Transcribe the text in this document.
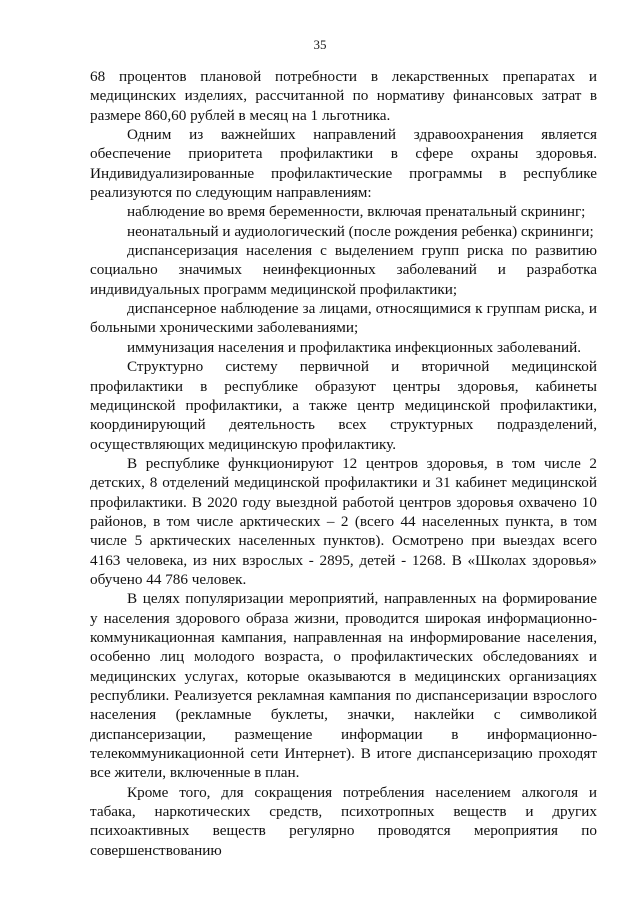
35

68 процентов плановой потребности в лекарственных препаратах и медицинских изделиях, рассчитанной по нормативу финансовых затрат в размере 860,60 рублей в месяц на 1 льготника.

Одним из важнейших направлений здравоохранения является обеспечение приоритета профилактики в сфере охраны здоровья. Индивидуализированные профилактические программы в республике реализуются по следующим направлениям:

наблюдение во время беременности, включая пренатальный скрининг;

неонатальный и аудиологический (после рождения ребенка) скрининги;

диспансеризация населения с выделением групп риска по развитию социально значимых неинфекционных заболеваний и разработка индивидуальных программ медицинской профилактики;

диспансерное наблюдение за лицами, относящимися к группам риска, и больными хроническими заболеваниями;

иммунизация населения и профилактика инфекционных заболеваний.

Структурно систему первичной и вторичной медицинской профилактики в республике образуют центры здоровья, кабинеты медицинской профилактики, а также центр медицинской профилактики, координирующий деятельность всех структурных подразделений, осуществляющих медицинскую профилактику.

В республике функционируют 12 центров здоровья, в том числе 2 детских, 8 отделений медицинской профилактики и 31 кабинет медицинской профилактики. В 2020 году выездной работой центров здоровья охвачено 10 районов, в том числе арктических – 2 (всего 44 населенных пункта, в том числе 5 арктических населенных пунктов). Осмотрено при выездах всего 4163 человека, из них взрослых - 2895, детей - 1268. В «Школах здоровья» обучено 44 786 человек.

В целях популяризации мероприятий, направленных на формирование у населения здорового образа жизни, проводится широкая информационно-коммуникационная кампания, направленная на информирование населения, особенно лиц молодого возраста, о профилактических обследованиях и медицинских услугах, которые оказываются в медицинских организациях республики. Реализуется рекламная кампания по диспансеризации взрослого населения (рекламные буклеты, значки, наклейки с символикой диспансеризации, размещение информации в информационно-телекоммуникационной сети Интернет). В итоге диспансеризацию проходят все жители, включенные в план.

Кроме того, для сокращения потребления населением алкоголя и табака, наркотических средств, психотропных веществ и других психоактивных веществ регулярно проводятся мероприятия по совершенствованию
